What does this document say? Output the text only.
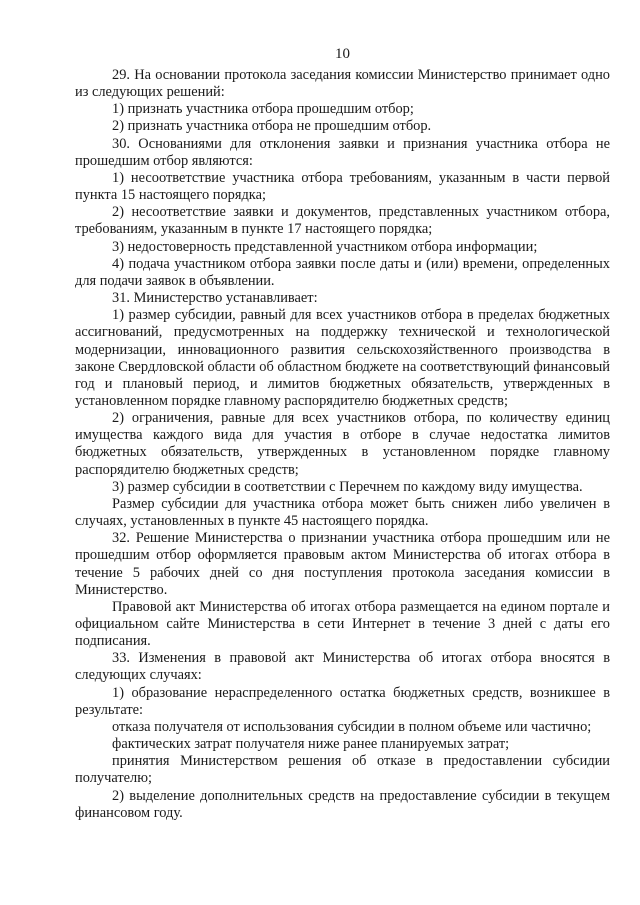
10

29. На основании протокола заседания комиссии Министерство принимает одно из следующих решений:

1) признать участника отбора прошедшим отбор;

2) признать участника отбора не прошедшим отбор.

30. Основаниями для отклонения заявки и признания участника отбора не прошедшим отбор являются:

1) несоответствие участника отбора требованиям, указанным в части первой пункта 15 настоящего порядка;

2) несоответствие заявки и документов, представленных участником отбора, требованиям, указанным в пункте 17 настоящего порядка;

3) недостоверность представленной участником отбора информации;

4) подача участником отбора заявки после даты и (или) времени, определенных для подачи заявок в объявлении.

31. Министерство устанавливает:

1) размер субсидии, равный для всех участников отбора в пределах бюджетных ассигнований, предусмотренных на поддержку технической и технологической модернизации, инновационного развития сельскохозяйственного производства в законе Свердловской области об областном бюджете на соответствующий финансовый год и плановый период, и лимитов бюджетных обязательств, утвержденных в установленном порядке главному распорядителю бюджетных средств;

2) ограничения, равные для всех участников отбора, по количеству единиц имущества каждого вида для участия в отборе в случае недостатка лимитов бюджетных обязательств, утвержденных в установленном порядке главному распорядителю бюджетных средств;

3) размер субсидии в соответствии с Перечнем по каждому виду имущества.

Размер субсидии для участника отбора может быть снижен либо увеличен в случаях, установленных в пункте 45 настоящего порядка.

32. Решение Министерства о признании участника отбора прошедшим или не прошедшим отбор оформляется правовым актом Министерства об итогах отбора в течение 5 рабочих дней со дня поступления протокола заседания комиссии в Министерство.

Правовой акт Министерства об итогах отбора размещается на едином портале и официальном сайте Министерства в сети Интернет в течение 3 дней с даты его подписания.

33. Изменения в правовой акт Министерства об итогах отбора вносятся в следующих случаях:

1) образование нераспределенного остатка бюджетных средств, возникшее в результате:

отказа получателя от использования субсидии в полном объеме или частично;

фактических затрат получателя ниже ранее планируемых затрат;

принятия Министерством решения об отказе в предоставлении субсидии получателю;

2) выделение дополнительных средств на предоставление субсидии в текущем финансовом году.
